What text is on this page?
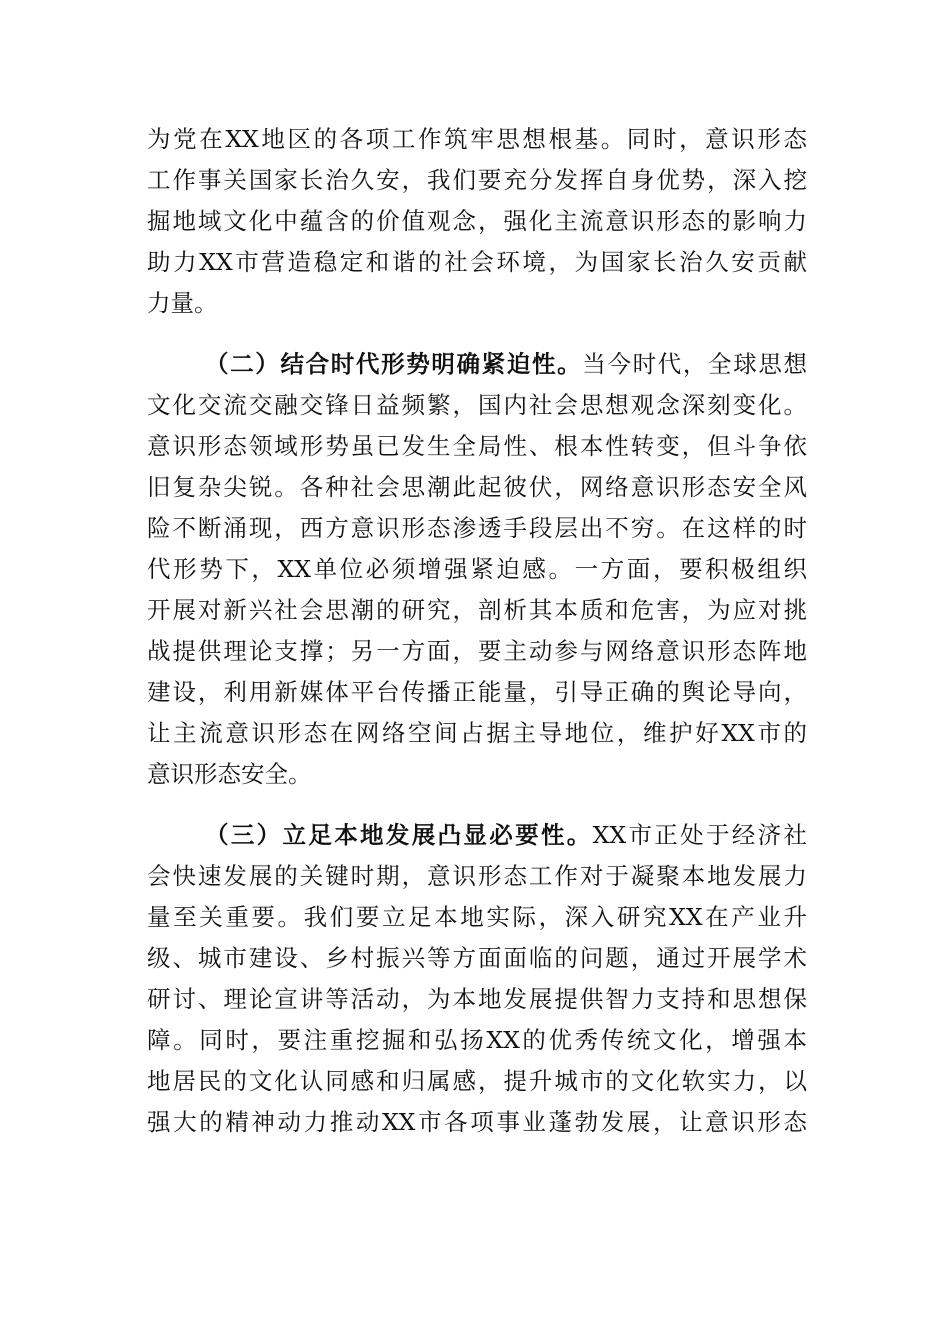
为党在XX地区的各项工作筑牢思想根基。同时，意识形态
工作事关国家长治久安，我们要充分发挥自身优势，深入挖
掘地域文化中蕴含的价值观念，强化主流意识形态的影响力
助力XX市营造稳定和谐的社会环境，为国家长治久安贡献
力量。
（二）结合时代形势明确紧迫性。当今时代，全球思想
文化交流交融交锋日益频繁，国内社会思想观念深刻变化。
意识形态领域形势虽已发生全局性、根本性转变，但斗争依
旧复杂尖锐。各种社会思潮此起彼伏，网络意识形态安全风
险不断涌现，西方意识形态渗透手段层出不穷。在这样的时
代形势下，XX单位必须增强紧迫感。一方面，要积极组织
开展对新兴社会思潮的研究，剖析其本质和危害，为应对挑
战提供理论支撑；另一方面，要主动参与网络意识形态阵地
建设，利用新媒体平台传播正能量，引导正确的舆论导向，
让主流意识形态在网络空间占据主导地位，维护好XX市的
意识形态安全。
（三）立足本地发展凸显必要性。XX市正处于经济社
会快速发展的关键时期，意识形态工作对于凝聚本地发展力
量至关重要。我们要立足本地实际，深入研究XX在产业升
级、城市建设、乡村振兴等方面面临的问题，通过开展学术
研讨、理论宣讲等活动，为本地发展提供智力支持和思想保
障。同时，要注重挖掘和弘扬XX的优秀传统文化，增强本
地居民的文化认同感和归属感，提升城市的文化软实力，以
强大的精神动力推动XX市各项事业蓬勃发展，让意识形态
